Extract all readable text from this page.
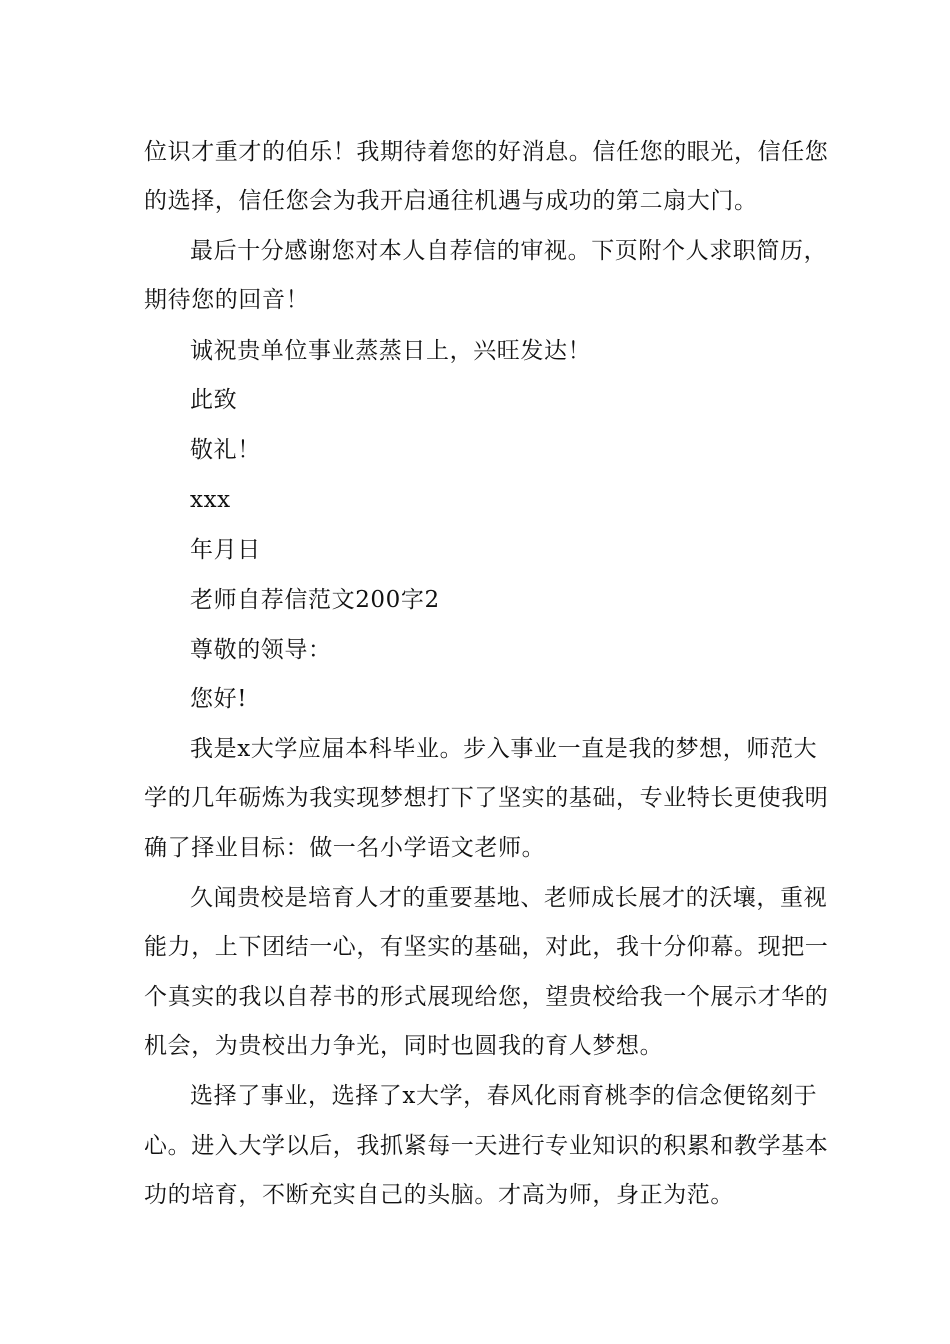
位识才重才的伯乐！我期待着您的好消息。信任您的眼光，信任您
的选择，信任您会为我开启通往机遇与成功的第二扇大门。
最后十分感谢您对本人自荐信的审视。下页附个人求职简历，
期待您的回音！
诚祝贵单位事业蒸蒸日上，兴旺发达！
此致
敬礼！
xxx
年月日
老师自荐信范文200字2
尊敬的领导：
您好!
我是x大学应届本科毕业。步入事业一直是我的梦想，师范大
学的几年砺炼为我实现梦想打下了坚实的基础，专业特长更使我明
确了择业目标：做一名小学语文老师。
久闻贵校是培育人才的重要基地、老师成长展才的沃壤，重视
能力，上下团结一心，有坚实的基础，对此，我十分仰幕。现把一
个真实的我以自荐书的形式展现给您，望贵校给我一个展示才华的
机会，为贵校出力争光，同时也圆我的育人梦想。
选择了事业，选择了x大学，春风化雨育桃李的信念便铭刻于
心。进入大学以后，我抓紧每一天进行专业知识的积累和教学基本
功的培育，不断充实自己的头脑。才高为师，身正为范。
